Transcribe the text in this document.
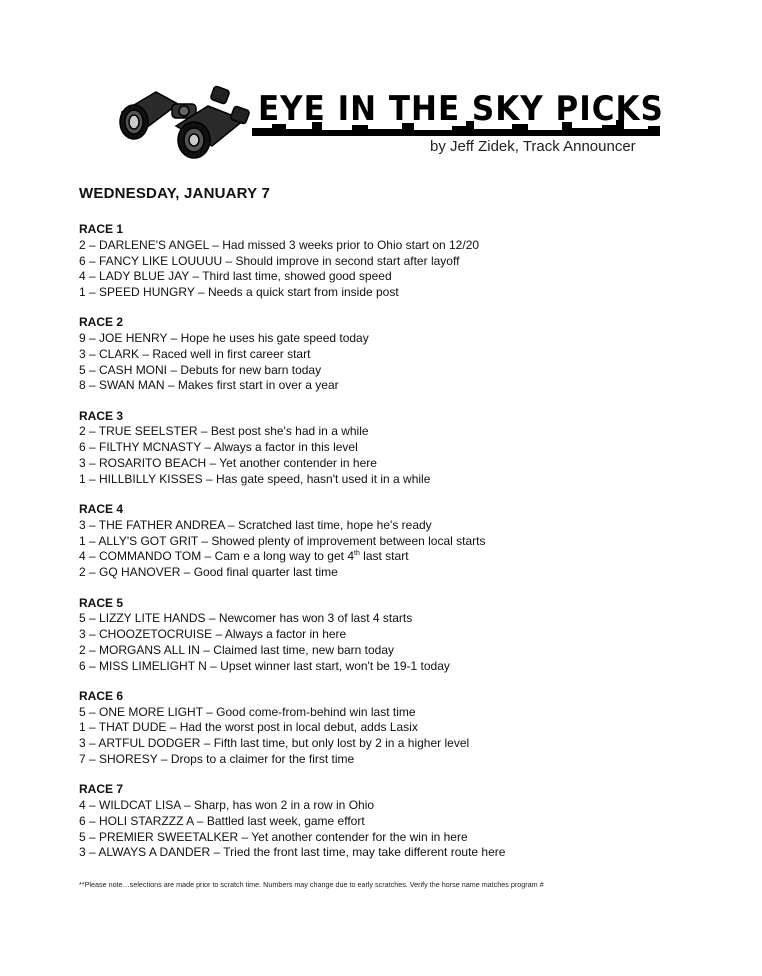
EYE IN THE SKY PICKS
by Jeff Zidek, Track Announcer
WEDNESDAY, JANUARY 7
RACE 1
2 – DARLENE'S ANGEL – Had missed 3 weeks prior to Ohio start on 12/20
6 – FANCY LIKE LOUUUU – Should improve in second start after layoff
4 – LADY BLUE JAY – Third last time, showed good speed
1 – SPEED HUNGRY – Needs a quick start from inside post
RACE 2
9 – JOE HENRY – Hope he uses his gate speed today
3 – CLARK – Raced well in first career start
5 – CASH MONI – Debuts for new barn today
8 – SWAN MAN – Makes first start in over a year
RACE 3
2 – TRUE SEELSTER – Best post she's had in a while
6 – FILTHY MCNASTY – Always a factor in this level
3 – ROSARITO BEACH – Yet another contender in here
1 – HILLBILLY KISSES – Has gate speed, hasn't used it in a while
RACE 4
3 – THE FATHER ANDREA – Scratched last time, hope he's ready
1 – ALLY'S GOT GRIT – Showed plenty of improvement between local starts
4 – COMMANDO TOM – Cam e a long way to get 4th last start
2 – GQ HANOVER – Good final quarter last time
RACE 5
5 – LIZZY LITE HANDS – Newcomer has won 3 of last 4 starts
3 – CHOOZETOCRUISE – Always a factor in here
2 – MORGANS ALL IN – Claimed last time, new barn today
6 – MISS LIMELIGHT N – Upset winner last start, won't be 19-1 today
RACE 6
5 – ONE MORE LIGHT – Good come-from-behind win last time
1 – THAT DUDE – Had the worst post in local debut, adds Lasix
3 – ARTFUL DODGER – Fifth last time, but only lost by 2 in a higher level
7 – SHORESY – Drops to a claimer for the first time
RACE 7
4 – WILDCAT LISA – Sharp, has won 2 in a row in Ohio
6 – HOLI STARZZZ A – Battled last week, game effort
5 – PREMIER SWEETALKER – Yet another contender for the win in here
3 – ALWAYS A DANDER – Tried the front last time, may take different route here
**Please note…selections are made prior to scratch time. Numbers may change due to early scratches. Verify the horse name matches program #
